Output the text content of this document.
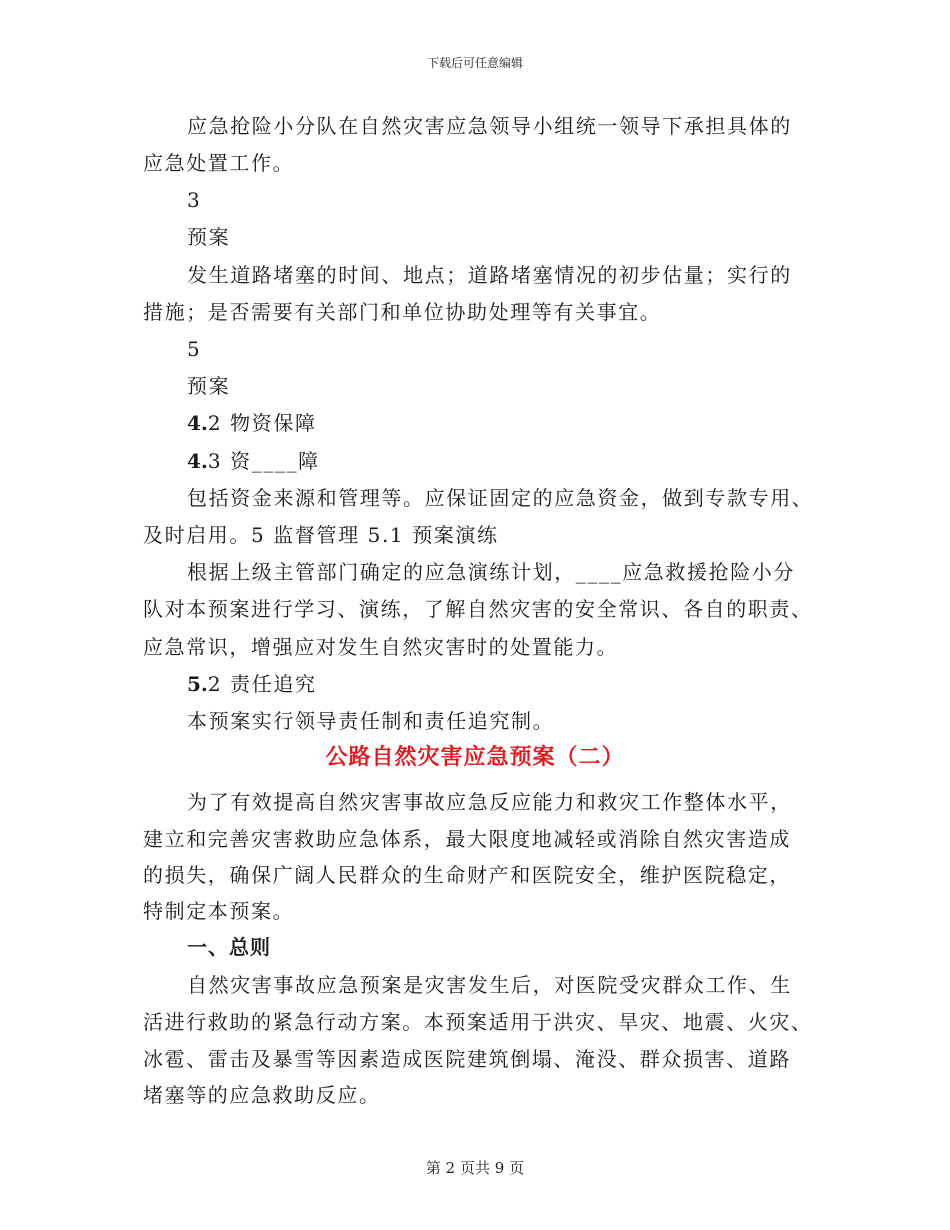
下载后可任意编辑
应急抢险小分队在自然灾害应急领导小组统一领导下承担具体的
应急处置工作。
3
预案
发生道路堵塞的时间、地点；道路堵塞情况的初步估量；实行的
措施；是否需要有关部门和单位协助处理等有关事宜。
5
预案
4.2 物资保障
4.3 资____障
包括资金来源和管理等。应保证固定的应急资金，做到专款专用、
及时启用。5 监督管理 5.1 预案演练
根据上级主管部门确定的应急演练计划，____应急救援抢险小分
队对本预案进行学习、演练，了解自然灾害的安全常识、各自的职责、
应急常识，增强应对发生自然灾害时的处置能力。
5.2 责任追究
本预案实行领导责任制和责任追究制。
公路自然灾害应急预案（二）
为了有效提高自然灾害事故应急反应能力和救灾工作整体水平，
建立和完善灾害救助应急体系，最大限度地减轻或消除自然灾害造成
的损失，确保广阔人民群众的生命财产和医院安全，维护医院稳定，
特制定本预案。
一、总则
自然灾害事故应急预案是灾害发生后，对医院受灾群众工作、生
活进行救助的紧急行动方案。本预案适用于洪灾、旱灾、地震、火灾、
冰雹、雷击及暴雪等因素造成医院建筑倒塌、淹没、群众损害、道路
堵塞等的应急救助反应。
第 2 页共 9 页
